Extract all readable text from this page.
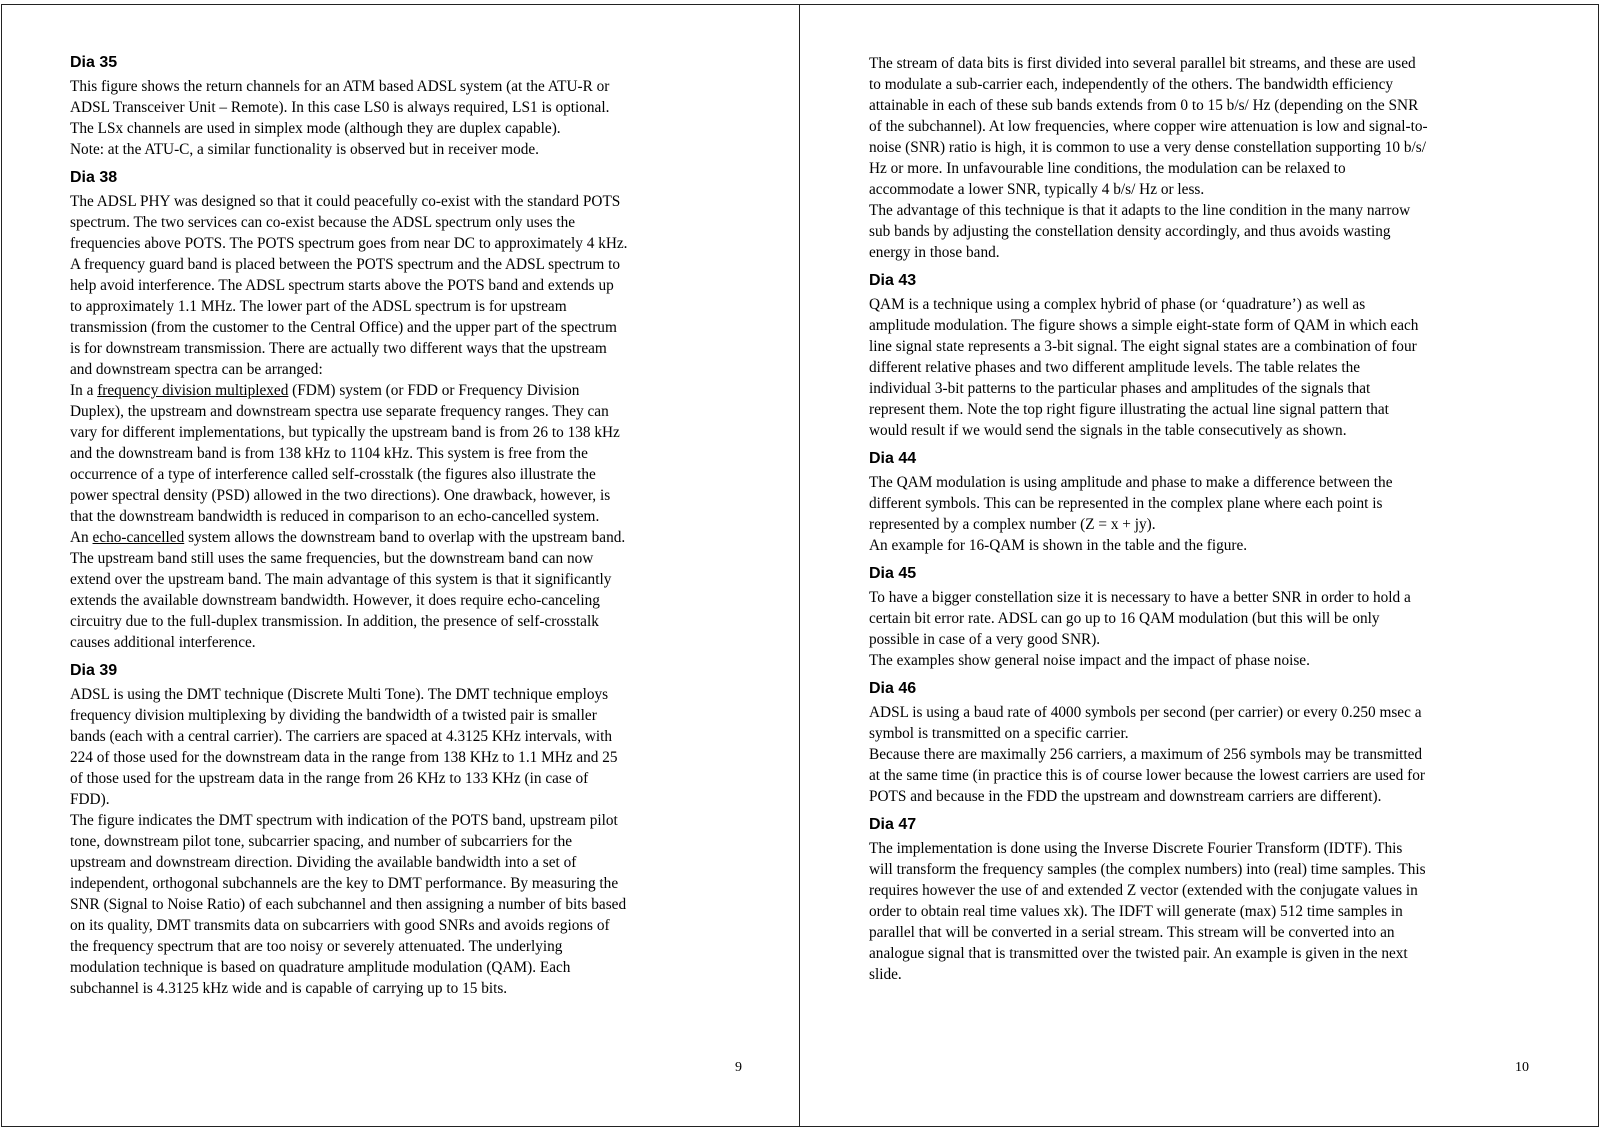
Dia 35

This figure shows the return channels for an ATM based ADSL system (at the ATU-R or
ADSL Transceiver Unit – Remote). In this case LS0 is always required, LS1 is optional.
The LSx channels are used in simplex mode (although they are duplex capable).
Note: at the ATU-C, a similar functionality is observed but in receiver mode.

Dia 38

The ADSL PHY was designed so that it could peacefully co-exist with the standard POTS
spectrum. The two services can co-exist because the ADSL spectrum only uses the
frequencies above POTS. The POTS spectrum goes from near DC to approximately 4 kHz.
A frequency guard band is placed between the POTS spectrum and the ADSL spectrum to
help avoid interference. The ADSL spectrum starts above the POTS band and extends up
to approximately 1.1 MHz. The lower part of the ADSL spectrum is for upstream
transmission (from the customer to the Central Office) and the upper part of the spectrum
is for downstream transmission. There are actually two different ways that the upstream
and downstream spectra can be arranged:

In a frequency division multiplexed (FDM) system (or FDD or Frequency Division
Duplex), the upstream and downstream spectra use separate frequency ranges. They can
vary for different implementations, but typically the upstream band is from 26 to 138 kHz
and the downstream band is from 138 kHz to 1104 kHz. This system is free from the
occurrence of a type of interference called self-crosstalk (the figures also illustrate the
power spectral density (PSD) allowed in the two directions). One drawback, however, is
that the downstream bandwidth is reduced in comparison to an echo-cancelled system.

An echo-cancelled system allows the downstream band to overlap with the upstream band.
The upstream band still uses the same frequencies, but the downstream band can now
extend over the upstream band. The main advantage of this system is that it significantly
extends the available downstream bandwidth. However, it does require echo-canceling
circuitry due to the full-duplex transmission. In addition, the presence of self-crosstalk
causes additional interference.

Dia 39

ADSL is using the DMT technique (Discrete Multi Tone). The DMT technique employs
frequency division multiplexing by dividing the bandwidth of a twisted pair is smaller
bands (each with a central carrier). The carriers are spaced at 4.3125 KHz intervals, with
224 of those used for the downstream data in the range from 138 KHz to 1.1 MHz and 25
of those used for the upstream data in the range from 26 KHz to 133 KHz (in case of
FDD).

The figure indicates the DMT spectrum with indication of the POTS band, upstream pilot
tone, downstream pilot tone, subcarrier spacing, and number of subcarriers for the
upstream and downstream direction. Dividing the available bandwidth into a set of
independent, orthogonal subchannels are the key to DMT performance. By measuring the
SNR (Signal to Noise Ratio) of each subchannel and then assigning a number of bits based
on its quality, DMT transmits data on subcarriers with good SNRs and avoids regions of
the frequency spectrum that are too noisy or severely attenuated. The underlying
modulation technique is based on quadrature amplitude modulation (QAM). Each
subchannel is 4.3125 kHz wide and is capable of carrying up to 15 bits.

9

The stream of data bits is first divided into several parallel bit streams, and these are used
to modulate a sub-carrier each, independently of the others. The bandwidth efficiency
attainable in each of these sub bands extends from 0 to 15 b/s/ Hz (depending on the SNR
of the subchannel). At low frequencies, where copper wire attenuation is low and signal-to-
noise (SNR) ratio is high, it is common to use a very dense constellation supporting 10 b/s/
Hz or more. In unfavourable line conditions, the modulation can be relaxed to
accommodate a lower SNR, typically 4 b/s/ Hz or less.

The advantage of this technique is that it adapts to the line condition in the many narrow
sub bands by adjusting the constellation density accordingly, and thus avoids wasting
energy in those band.

Dia 43

QAM is a technique using a complex hybrid of phase (or ‘quadrature’) as well as
amplitude modulation. The figure shows a simple eight-state form of QAM in which each
line signal state represents a 3-bit signal. The eight signal states are a combination of four
different relative phases and two different amplitude levels. The table relates the
individual 3-bit patterns to the particular phases and amplitudes of the signals that
represent them. Note the top right figure illustrating the actual line signal pattern that
would result if we would send the signals in the table consecutively as shown.

Dia 44

The QAM modulation is using amplitude and phase to make a difference between the
different symbols. This can be represented in the complex plane where each point is
represented by a complex number (Z = x + jy).

An example for 16-QAM is shown in the table and the figure.

Dia 45

To have a bigger constellation size it is necessary to have a better SNR in order to hold a
certain bit error rate. ADSL can go up to 16 QAM modulation (but this will be only
possible in case of a very good SNR).

The examples show general noise impact and the impact of phase noise.

Dia 46

ADSL is using a baud rate of 4000 symbols per second (per carrier) or every 0.250 msec a
symbol is transmitted on a specific carrier.

Because there are maximally 256 carriers, a maximum of 256 symbols may be transmitted
at the same time (in practice this is of course lower because the lowest carriers are used for
POTS and because in the FDD the upstream and downstream carriers are different).

Dia 47

The implementation is done using the Inverse Discrete Fourier Transform (IDTF). This
will transform the frequency samples (the complex numbers) into (real) time samples. This
requires however the use of and extended Z vector (extended with the conjugate values in
order to obtain real time values xk). The IDFT will generate (max) 512 time samples in
parallel that will be converted in a serial stream. This stream will be converted into an
analogue signal that is transmitted over the twisted pair. An example is given in the next
slide.

10
